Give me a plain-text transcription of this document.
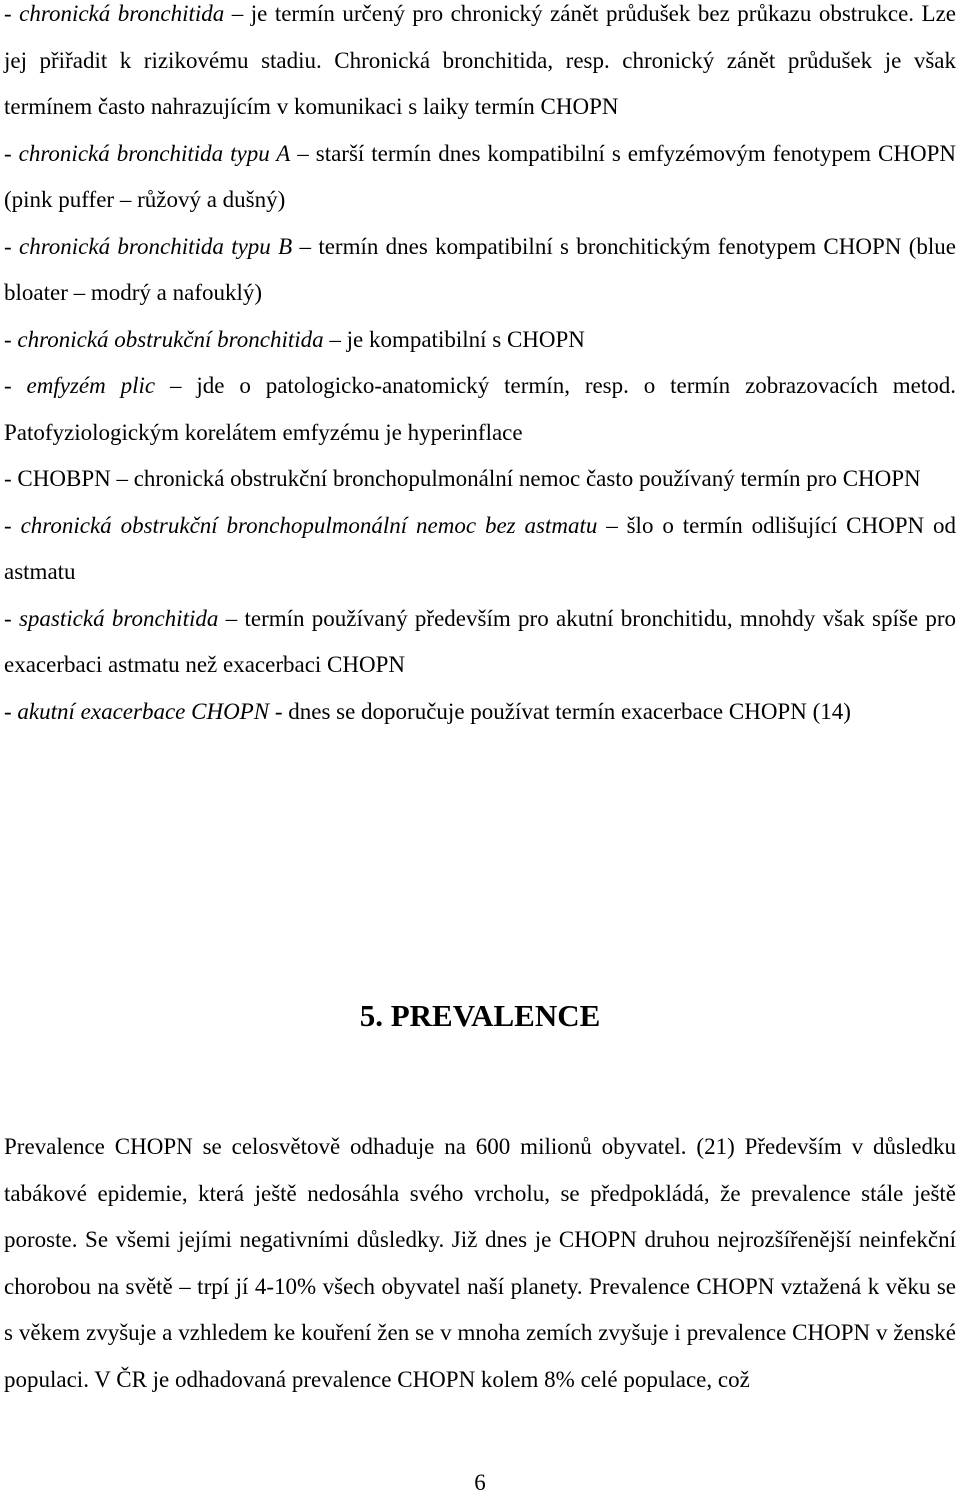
- chronická bronchitida – je termín určený pro chronický zánět průdušek bez průkazu obstrukce. Lze jej přiřadit k rizikovému stadiu. Chronická bronchitida, resp. chronický zánět průdušek je však termínem často nahrazujícím v komunikaci s laiky termín CHOPN

- chronická bronchitida typu A – starší termín dnes kompatibilní s emfyzémovým fenotypem CHOPN (pink puffer – růžový a dušný)

- chronická bronchitida typu B – termín dnes kompatibilní s bronchitickým fenotypem CHOPN (blue bloater – modrý a nafouklý)

- chronická obstrukční bronchitida – je kompatibilní s CHOPN

- emfyzém plic – jde o patologicko-anatomický termín, resp. o termín zobrazovacích metod. Patofyziologickým korelátem emfyzému je hyperinflace

- CHOBPN – chronická obstrukční bronchopulmonální nemoc často používaný termín pro CHOPN

- chronická obstrukční bronchopulmonální nemoc bez astmatu – šlo o termín odlišující CHOPN od astmatu

- spastická bronchitida – termín používaný především pro akutní bronchitidu, mnohdy však spíše pro exacerbaci astmatu než exacerbaci CHOPN

- akutní exacerbace CHOPN - dnes se doporučuje používat termín exacerbace CHOPN (14)

5. PREVALENCE

Prevalence CHOPN se celosvětově odhaduje na 600 milionů obyvatel. (21) Především v důsledku tabákové epidemie, která ještě nedosáhla svého vrcholu, se předpokládá, že prevalence stále ještě poroste. Se všemi jejími negativními důsledky. Již dnes je CHOPN druhou nejrozšířenější neinfekční chorobou na světě – trpí jí 4-10% všech obyvatel naší planety. Prevalence CHOPN vztažená k věku se s věkem zvyšuje a vzhledem ke kouření žen se v mnoha zemích zvyšuje i prevalence CHOPN v ženské populaci. V ČR je odhadovaná prevalence CHOPN kolem 8% celé populace, což

6
